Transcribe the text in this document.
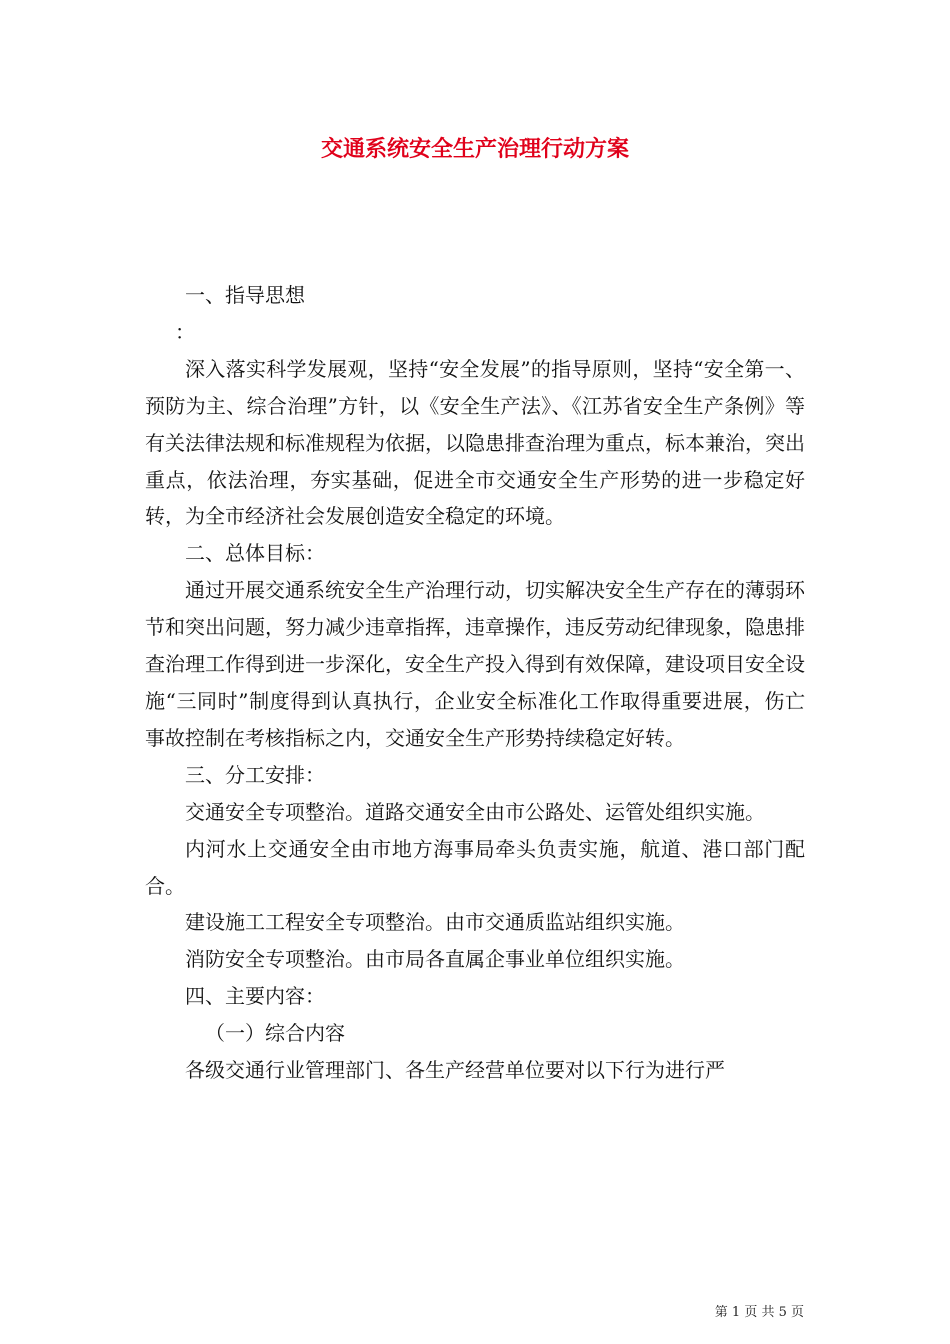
交通系统安全生产治理行动方案

一、指导思想

：

深入落实科学发展观，坚持“安全发展”的指导原则，坚持“安全第一、预防为主、综合治理”方针，以《安全生产法》、《江苏省安全生产条例》等有关法律法规和标准规程为依据，以隐患排查治理为重点，标本兼治，突出重点，依法治理，夯实基础，促进全市交通安全生产形势的进一步稳定好转，为全市经济社会发展创造安全稳定的环境。

二、总体目标：

通过开展交通系统安全生产治理行动，切实解决安全生产存在的薄弱环节和突出问题，努力减少违章指挥，违章操作，违反劳动纪律现象，隐患排查治理工作得到进一步深化，安全生产投入得到有效保障，建设项目安全设施“三同时”制度得到认真执行，企业安全标准化工作取得重要进展，伤亡事故控制在考核指标之内，交通安全生产形势持续稳定好转。

三、分工安排：

交通安全专项整治。道路交通安全由市公路处、运管处组织实施。

内河水上交通安全由市地方海事局牵头负责实施，航道、港口部门配合。

建设施工工程安全专项整治。由市交通质监站组织实施。

消防安全专项整治。由市局各直属企事业单位组织实施。

四、主要内容：

（一）综合内容

各级交通行业管理部门、各生产经营单位要对以下行为进行严

第 1 页 共 5 页
